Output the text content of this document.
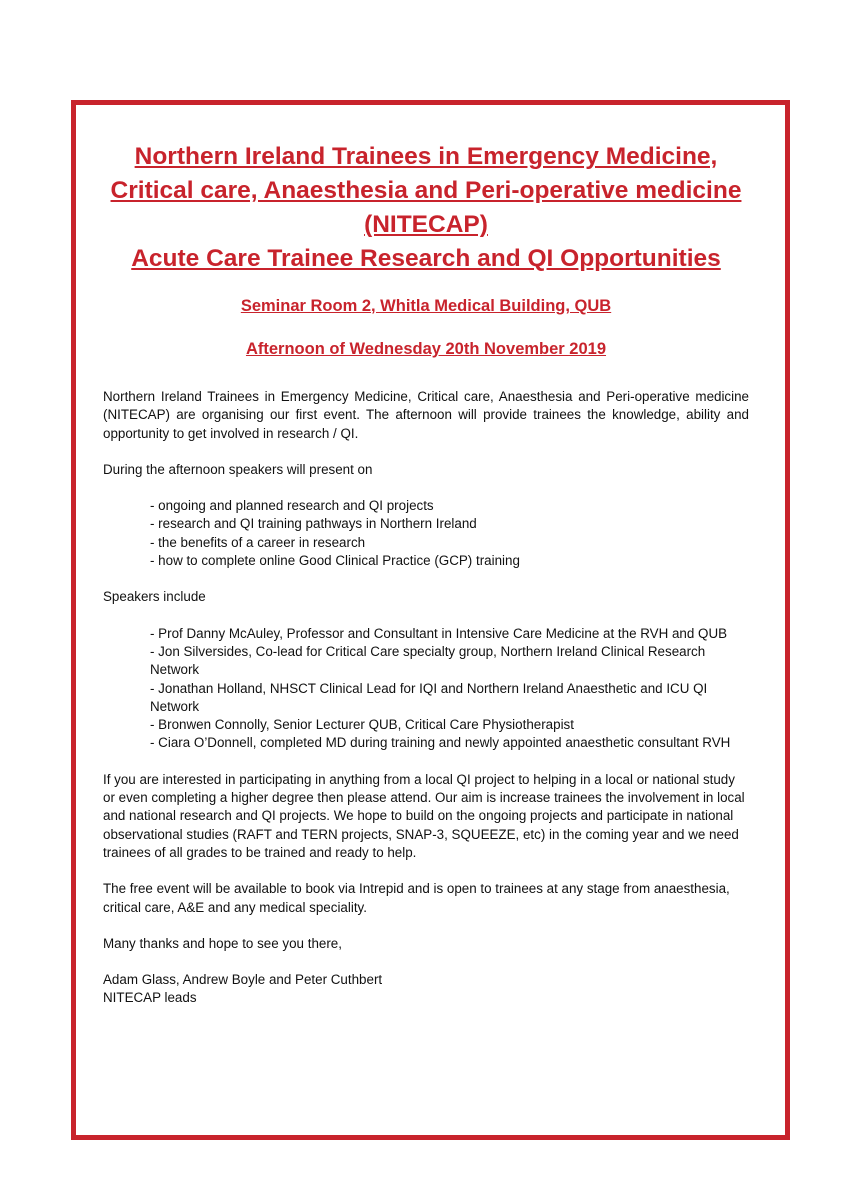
Northern Ireland Trainees in Emergency Medicine,

Critical care, Anaesthesia and Peri-operative medicine

(NITECAP)

Acute Care Trainee Research and QI Opportunities

Seminar Room 2, Whitla Medical Building, QUB

Afternoon of Wednesday 20th November 2019

Northern Ireland Trainees in Emergency Medicine, Critical care, Anaesthesia and Peri-operative medicine (NITECAP) are organising our first event. The afternoon will provide trainees the knowledge, ability and opportunity to get involved in research / QI.

During the afternoon speakers will present on

- ongoing and planned research and QI projects
- research and QI training pathways in Northern Ireland
- the benefits of a career in research
- how to complete online Good Clinical Practice (GCP) training

Speakers include

- Prof Danny McAuley, Professor and Consultant in Intensive Care Medicine at the RVH and QUB
- Jon Silversides, Co-lead for Critical Care specialty group, Northern Ireland Clinical Research Network
- Jonathan Holland, NHSCT Clinical Lead for IQI and Northern Ireland Anaesthetic and ICU QI Network
- Bronwen Connolly, Senior Lecturer QUB, Critical Care Physiotherapist
- Ciara O’Donnell, completed MD during training and newly appointed anaesthetic consultant RVH

If you are interested in participating in anything from a local QI project to helping in a local or national study or even completing a higher degree then please attend. Our aim is increase trainees the involvement in local and national research and QI projects. We hope to build on the ongoing projects and participate in national observational studies (RAFT and TERN projects, SNAP-3, SQUEEZE, etc) in the coming year and we need trainees of all grades to be trained and ready to help.

The free event will be available to book via Intrepid and is open to trainees at any stage from anaesthesia, critical care, A&E and any medical speciality.

Many thanks and hope to see you there,

Adam Glass, Andrew Boyle and Peter Cuthbert

NITECAP leads
